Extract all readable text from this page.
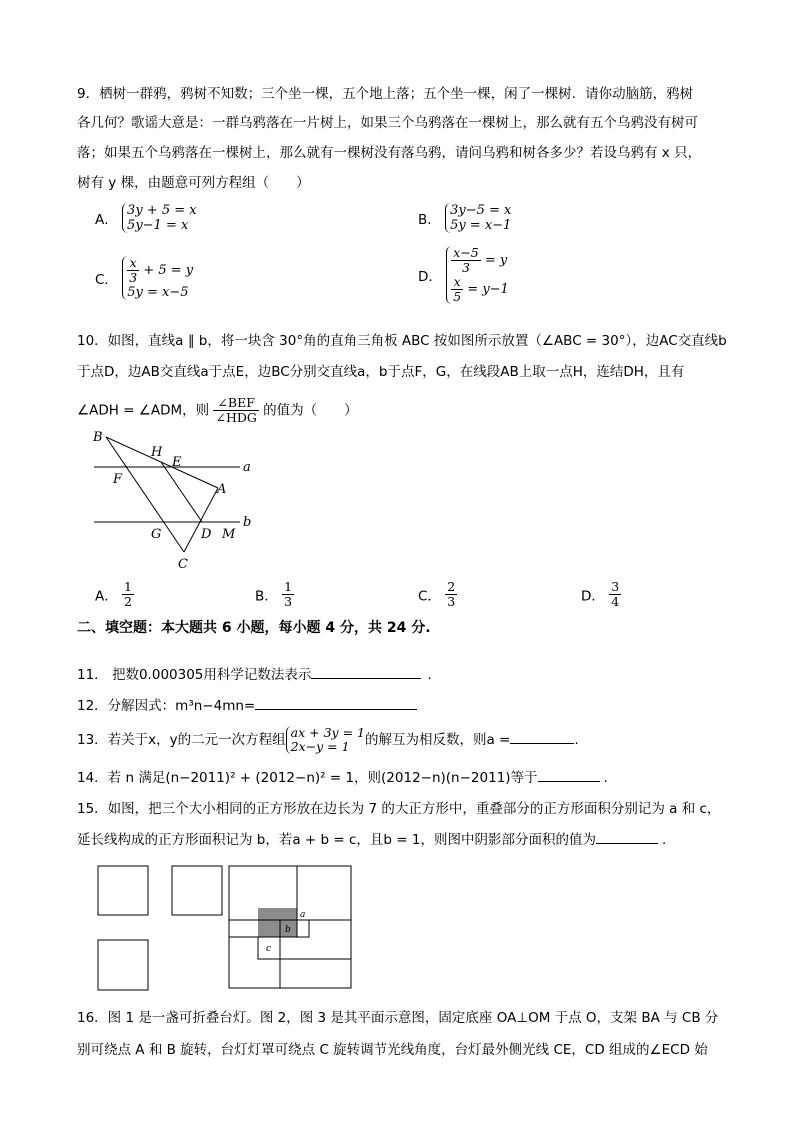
9．栖树一群鸦，鸦树不知数；三个坐一棵，五个地上落；五个坐一棵，闲了一棵树．请你动脑筋，鸦树
各几何？歌谣大意是：一群乌鸦落在一片树上，如果三个乌鸦落在一棵树上，那么就有五个乌鸦没有树可
落；如果五个乌鸦落在一棵树上，那么就有一棵树没有落乌鸦，请问乌鸦和树各多少？若设乌鸦有 x 只，
树有 y 棵，由题意可列方程组（　　）
A．
3y + 5 = x
5y−1 = x	B．
3y−5 = x
5y = x−1
C． $\frac{x}{3} + 5 = y$
5y = x−5
D．
$\frac{x-5}{3} = y$
$\frac{x}{5} = y-1$
10．如图，直线a ∥ b，将一块含 30°角的直角三角板 ABC 按如图所示放置（∠ABC = 30°），边AC交直线b
于点D，边AB交直线a于点E，边BC分别交直线a，b于点F，G，在线段AB上取一点H，连结DH，且有
∠ADH = ∠ADM，则 $\frac{\text{∠BEF}}{\text{∠HDG}}$ 的值为（　　）
B
H
E	a
F
A
b
G	D M
C
A． $\frac{1}{2}$	B． $\frac{1}{3}$	C． $\frac{2}{3}$	D． $\frac{3}{4}$
二、填空题：本大题共 6 小题，每小题 4 分，共 24 分.
11． 把数0.000305用科学记数法表示	.
12．分解因式：m³n−4mn=
13．若关于x，y的二元一次方程组 ax + 3y = 1
2x−y = 1	的解互为相反数，则a =	.
14．若 n 满足(n−2011)² + (2012−n)² = 1，则(2012−n)(n−2011)等于	.
15．如图，把三个大小相同的正方形放在边长为 7 的大正方形中，重叠部分的正方形面积分别记为 a 和 c，
延长线构成的正方形面积记为 b，若a + b = c，且b = 1，则图中阴影部分面积的值为	.
a
b
c
16．图 1 是一盏可折叠台灯。图 2，图 3 是其平面示意图，固定底座 OA⊥OM 于点 O，支架 BA 与 CB 分
别可绕点 A 和 B 旋转，台灯灯罩可绕点 C 旋转调节光线角度，台灯最外侧光线 CE，CD 组成的∠ECD 始
